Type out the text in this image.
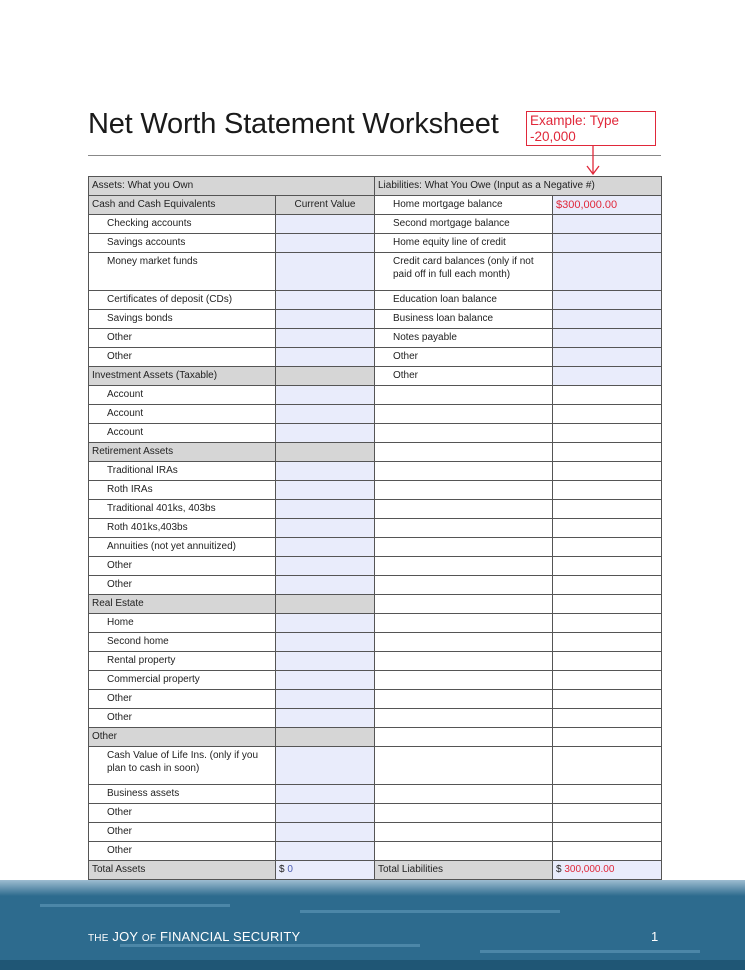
Net Worth Statement Worksheet Example: Type
-20,000
Assets: What you Own		Liabilities: What You Owe (Input as a Negative #)	
Cash and Cash Equivalents	Current Value	Home mortgage balance	$300,000.00
Checking accounts		Second mortgage balance	
Savings accounts		Home equity line of credit	
Money market funds		Credit card balances (only if not paid off in full each month)	
Certificates of deposit (CDs)		Education loan balance	
Savings bonds		Business loan balance	
Other		Notes payable	
Other		Other	
Investment Assets (Taxable)		Other	
Account			
Account			
Account			
Retirement Assets			
Traditional IRAs			
Roth IRAs			
Traditional 401ks, 403bs			
Roth 401ks,403bs			
Annuities (not yet annuitized)			
Other			
Other			
Real Estate			
Home			
Second home			
Rental property			
Commercial property			
Other			
Other			
Other			
Cash Value of Life Ins. (only if you plan to cash in soon)			
Business assets			
Other			
Other			
Other			
Total Assets	$ 0	Total Liabilities	$ 300,000.00
THE JOY OF FINANCIAL SECURITY	1
